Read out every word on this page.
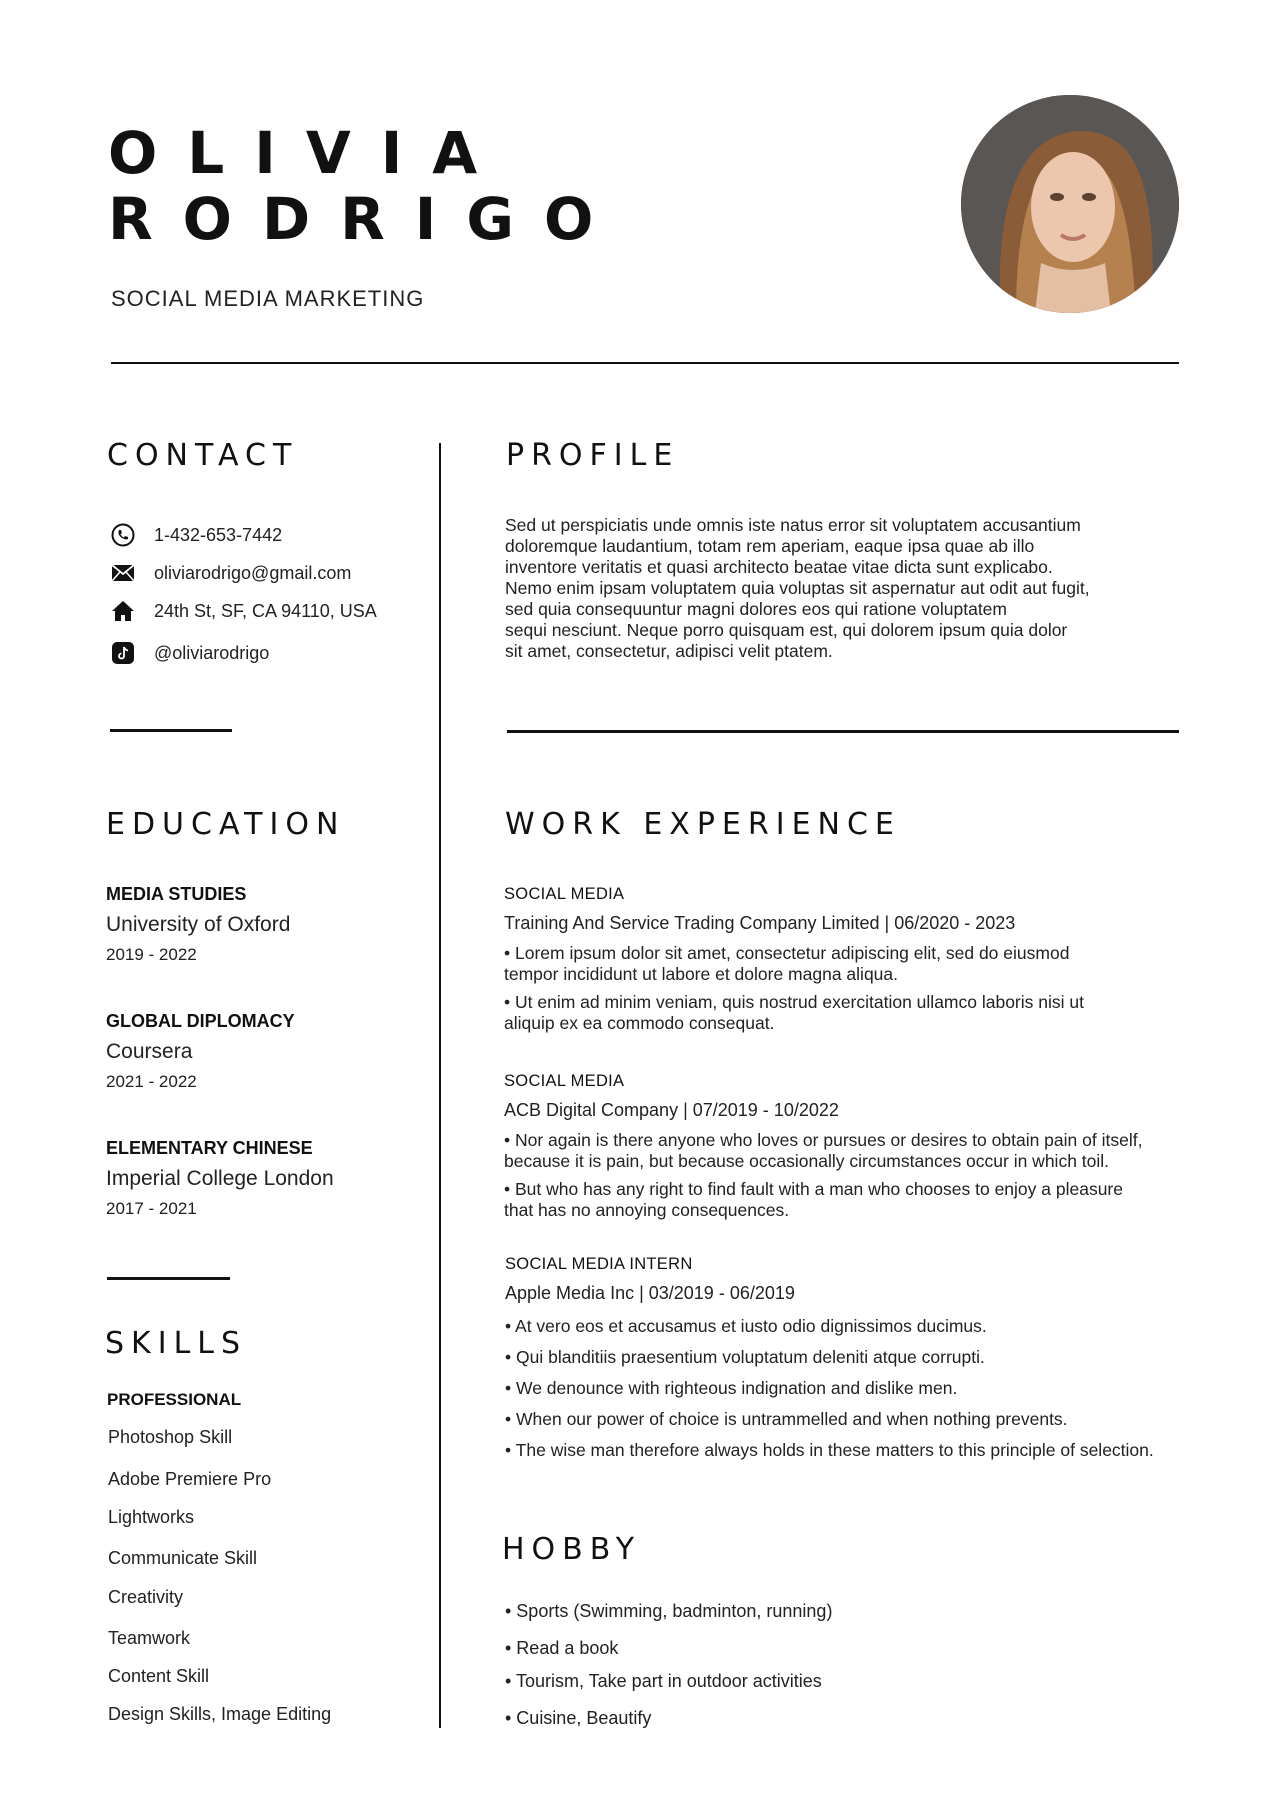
OLIVIA
RODRIGO
SOCIAL MEDIA MARKETING
CONTACT
1-432-653-7442
oliviarodrigo@gmail.com
24th St, SF, CA 94110, USA
@oliviarodrigo
PROFILE
Sed ut perspiciatis unde omnis iste natus error sit voluptatem accusantium
doloremque laudantium, totam rem aperiam, eaque ipsa quae ab illo
inventore veritatis et quasi architecto beatae vitae dicta sunt explicabo.
Nemo enim ipsam voluptatem quia voluptas sit aspernatur aut odit aut fugit,
sed quia consequuntur magni dolores eos qui ratione voluptatem
sequi nesciunt. Neque porro quisquam est, qui dolorem ipsum quia dolor
sit amet, consectetur, adipisci velit ptatem.
EDUCATION
MEDIA STUDIES
University of Oxford
2019 - 2022
GLOBAL DIPLOMACY
Coursera
2021 - 2022
ELEMENTARY CHINESE
Imperial College London
2017 - 2021
SKILLS
PROFESSIONAL
Photoshop Skill
Adobe Premiere Pro
Lightworks
Communicate Skill
Creativity
Teamwork
Content Skill
Design Skills, Image Editing
WORK EXPERIENCE
SOCIAL MEDIA
Training And Service Trading Company Limited | 06/2020 - 2023
• Lorem ipsum dolor sit amet, consectetur adipiscing elit, sed do eiusmod
tempor incididunt ut labore et dolore magna aliqua.
• Ut enim ad minim veniam, quis nostrud exercitation ullamco laboris nisi ut
aliquip ex ea commodo consequat.
SOCIAL MEDIA
ACB Digital Company | 07/2019 - 10/2022
• Nor again is there anyone who loves or pursues or desires to obtain pain of itself,
because it is pain, but because occasionally circumstances occur in which toil.
• But who has any right to find fault with a man who chooses to enjoy a pleasure
that has no annoying consequences.
SOCIAL MEDIA INTERN
Apple Media Inc | 03/2019 - 06/2019
• At vero eos et accusamus et iusto odio dignissimos ducimus.
• Qui blanditiis praesentium voluptatum deleniti atque corrupti.
• We denounce with righteous indignation and dislike men.
• When our power of choice is untrammelled and when nothing prevents.
• The wise man therefore always holds in these matters to this principle of selection.
HOBBY
• Sports (Swimming, badminton, running)
• Read a book
• Tourism, Take part in outdoor activities
• Cuisine, Beautify
